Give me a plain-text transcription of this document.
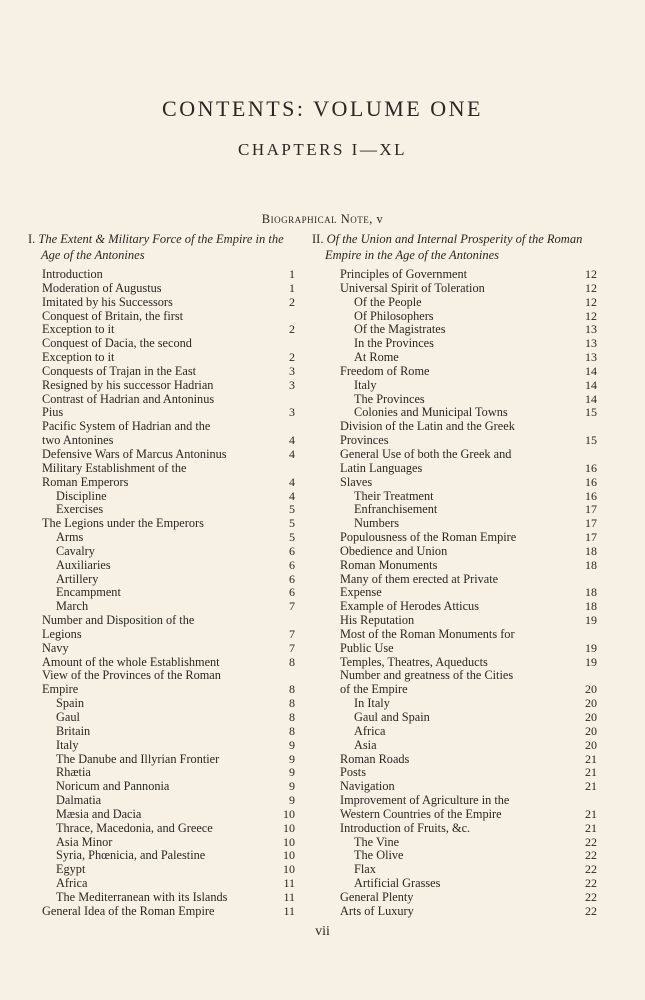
CONTENTS: VOLUME ONE
CHAPTERS I—XL
Biographical Note, v
I. The Extent & Military Force of the Empire in the Age of the Antonines
Introduction	1
Moderation of Augustus	1
Imitated by his Successors	2
Conquest of Britain, the first
Exception to it	2
Conquest of Dacia, the second
Exception to it	2
Conquests of Trajan in the East	3
Resigned by his successor Hadrian	3
Contrast of Hadrian and Antoninus
Pius	3
Pacific System of Hadrian and the
two Antonines	4
Defensive Wars of Marcus Antoninus	4
Military Establishment of the
Roman Emperors	4
Discipline	4
Exercises	5
The Legions under the Emperors	5
Arms	5
Cavalry	6
Auxiliaries	6
Artillery	6
Encampment	6
March	7
Number and Disposition of the
Legions	7
Navy	7
Amount of the whole Establishment	8
View of the Provinces of the Roman
Empire	8
Spain	8
Gaul	8
Britain	8
Italy	9
The Danube and Illyrian Frontier	9
Rhætia	9
Noricum and Pannonia	9
Dalmatia	9
Mæsia and Dacia	10
Thrace, Macedonia, and Greece	10
Asia Minor	10
Syria, Phœnicia, and Palestine	10
Egypt	10
Africa	11
The Mediterranean with its Islands	11
General Idea of the Roman Empire	11
II. Of the Union and Internal Prosperity of the Roman Empire in the Age of the Antonines
Principles of Government	12
Universal Spirit of Toleration	12
Of the People	12
Of Philosophers	12
Of the Magistrates	13
In the Provinces	13
At Rome	13
Freedom of Rome	14
Italy	14
The Provinces	14
Colonies and Municipal Towns	15
Division of the Latin and the Greek
Provinces	15
General Use of both the Greek and
Latin Languages	16
Slaves	16
Their Treatment	16
Enfranchisement	17
Numbers	17
Populousness of the Roman Empire	17
Obedience and Union	18
Roman Monuments	18
Many of them erected at Private
Expense	18
Example of Herodes Atticus	18
His Reputation	19
Most of the Roman Monuments for
Public Use	19
Temples, Theatres, Aqueducts	19
Number and greatness of the Cities
of the Empire	20
In Italy	20
Gaul and Spain	20
Africa	20
Asia	20
Roman Roads	21
Posts	21
Navigation	21
Improvement of Agriculture in the
Western Countries of the Empire	21
Introduction of Fruits, &c.	21
The Vine	22
The Olive	22
Flax	22
Artificial Grasses	22
General Plenty	22
Arts of Luxury	22
vii
